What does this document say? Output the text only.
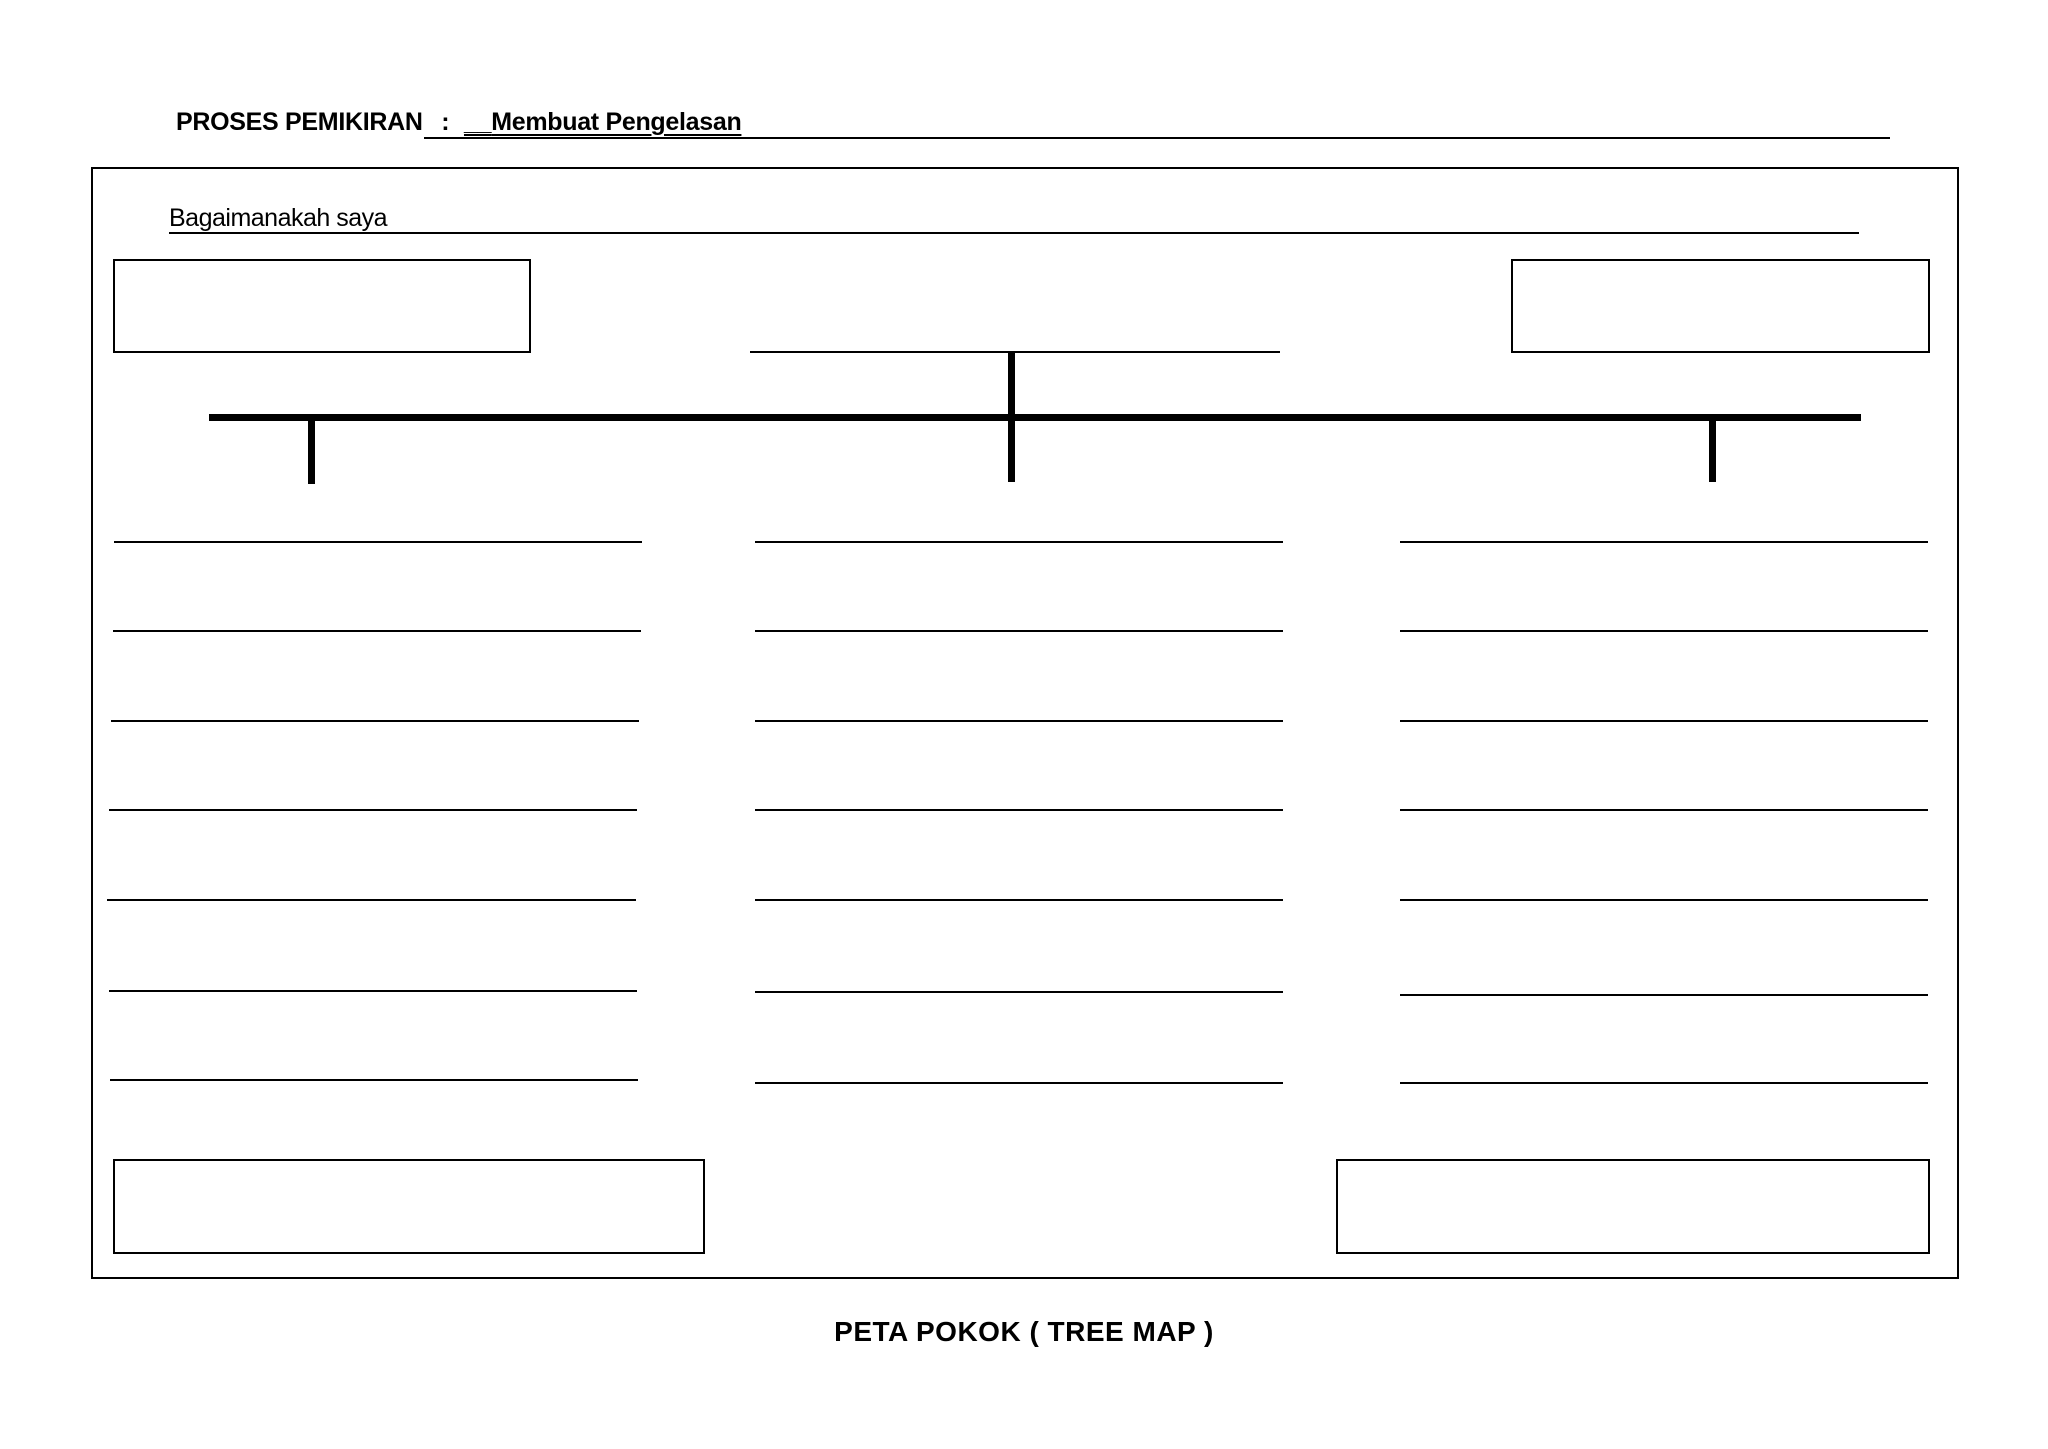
PROSES PEMIKIRAN : __Membuat Pengelasan
Bagaimanakah saya
PETA POKOK ( TREE MAP )
